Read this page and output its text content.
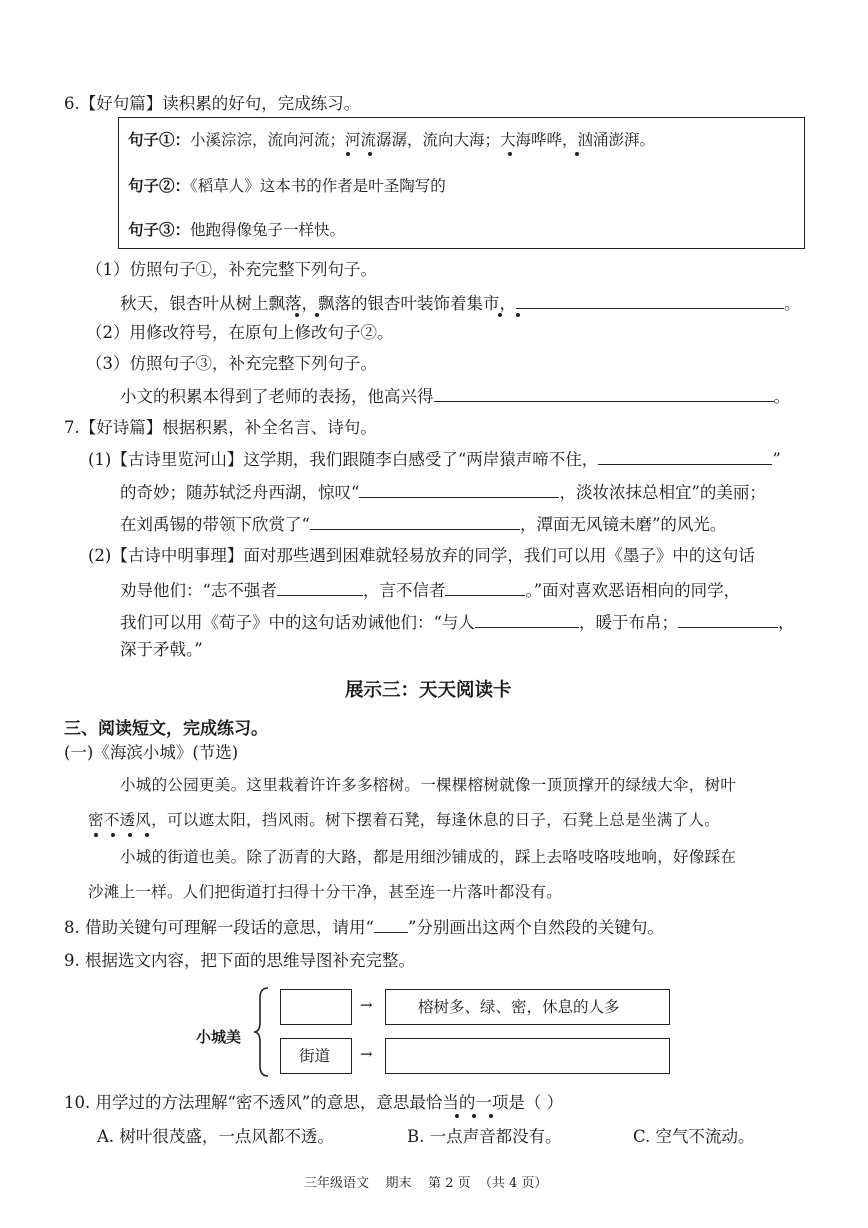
6.【好句篇】读积累的好句，完成练习。
句子①：小溪淙淙，流向河流；河流潺潺，流向大海；大海哗哗，汹涌澎湃。
句子②：《稻草人》这本书的作者是叶圣陶写的
句子③：他跑得像兔子一样快。
（1）仿照句子①，补充完整下列句子。
秋天，银杏叶从树上飘落，飘落的银杏叶装饰着集市，	。
（2）用修改符号，在原句上修改句子②。
（3）仿照句子③，补充完整下列句子。
小文的积累本得到了老师的表扬，他高兴得	。
7.【好诗篇】根据积累，补全名言、诗句。
(1)【古诗里览河山】这学期，我们跟随李白感受了“两岸猿声啼不住，	”
的奇妙；随苏轼泛舟西湖，惊叹“	，淡妆浓抹总相宜”的美丽；
在刘禹锡的带领下欣赏了“	，潭面无风镜未磨”的风光。
(2)【古诗中明事理】面对那些遇到困难就轻易放弃的同学，我们可以用《墨子》中的这句话
劝导他们：“志不强者	，言不信者	。”面对喜欢恶语相向的同学，
我们可以用《荀子》中的这句话劝诫他们：“与人	，暖于布帛；	，
深于矛戟。”
展示三：天天阅读卡
三、阅读短文，完成练习。
(一)《海滨小城》(节选)
小城的公园更美。这里栽着许许多多榕树。一棵棵榕树就像一顶顶撑开的绿绒大伞，树叶
密不透风，可以遮太阳，挡风雨。树下摆着石凳，每逢休息的日子，石凳上总是坐满了人。
小城的街道也美。除了沥青的大路，都是用细沙铺成的，踩上去咯吱咯吱地响，好像踩在
沙滩上一样。人们把街道打扫得十分干净，甚至连一片落叶都没有。
8. 借助关键句可理解一段话的意思，请用“ ”分别画出这两个自然段的关键句。
9. 根据选文内容，把下面的思维导图补充完整。
小城美
→	榕树多、绿、密，休息的人多
街道 →
10. 用学过的方法理解“密不透风”的意思，意思最恰当的一项是（ ）
A. 树叶很茂盛，一点风都不透。	B. 一点声音都没有。	C. 空气不流动。
三年级语文    期末    第 2 页  （共 4 页）
